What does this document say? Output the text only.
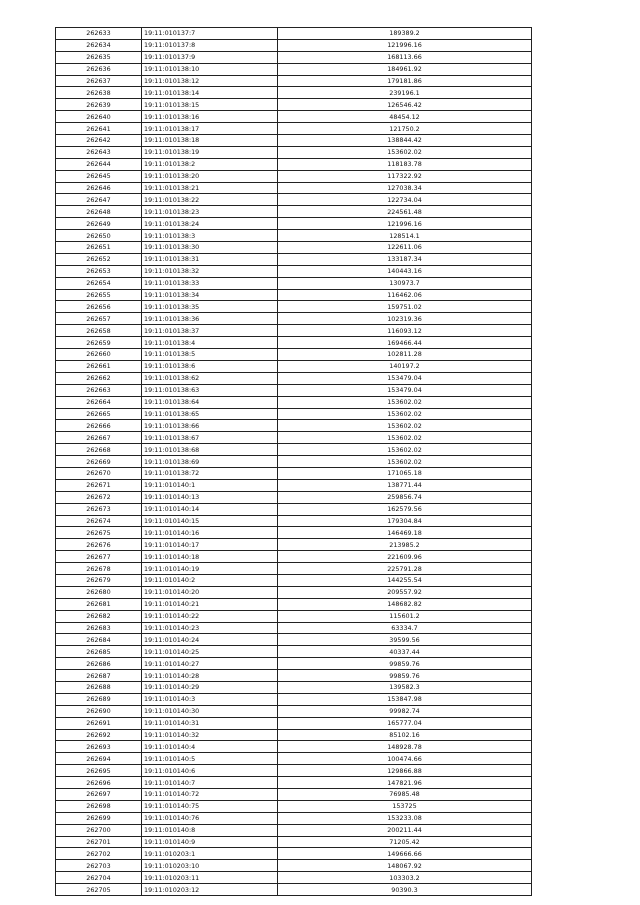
262633	19:11:010137:7	189389.2
262634	19:11:010137:8	121996.16
262635	19:11:010137:9	168113.66
262636	19:11:010138:10	184961.92
262637	19:11:010138:12	179181.86
262638	19:11:010138:14	239196.1
262639	19:11:010138:15	126546.42
262640	19:11:010138:16	48454.12
262641	19:11:010138:17	121750.2
262642	19:11:010138:18	138844.42
262643	19:11:010138:19	153602.02
262644	19:11:010138:2	118183.78
262645	19:11:010138:20	117322.92
262646	19:11:010138:21	127038.34
262647	19:11:010138:22	122734.04
262648	19:11:010138:23	224561.48
262649	19:11:010138:24	121996.16
262650	19:11:010138:3	128514.1
262651	19:11:010138:30	122611.06
262652	19:11:010138:31	133187.34
262653	19:11:010138:32	140443.16
262654	19:11:010138:33	130973.7
262655	19:11:010138:34	116462.06
262656	19:11:010138:35	159751.02
262657	19:11:010138:36	102319.36
262658	19:11:010138:37	116093.12
262659	19:11:010138:4	169466.44
262660	19:11:010138:5	102811.28
262661	19:11:010138:6	140197.2
262662	19:11:010138:62	153479.04
262663	19:11:010138:63	153479.04
262664	19:11:010138:64	153602.02
262665	19:11:010138:65	153602.02
262666	19:11:010138:66	153602.02
262667	19:11:010138:67	153602.02
262668	19:11:010138:68	153602.02
262669	19:11:010138:69	153602.02
262670	19:11:010138:72	171065.18
262671	19:11:010140:1	138771.44
262672	19:11:010140:13	259856.74
262673	19:11:010140:14	162579.56
262674	19:11:010140:15	179304.84
262675	19:11:010140:16	146469.18
262676	19:11:010140:17	213985.2
262677	19:11:010140:18	221609.96
262678	19:11:010140:19	225791.28
262679	19:11:010140:2	144255.54
262680	19:11:010140:20	209557.92
262681	19:11:010140:21	148682.82
262682	19:11:010140:22	115601.2
262683	19:11:010140:23	63334.7
262684	19:11:010140:24	39599.56
262685	19:11:010140:25	40337.44
262686	19:11:010140:27	99859.76
262687	19:11:010140:28	99859.76
262688	19:11:010140:29	139582.3
262689	19:11:010140:3	153847.98
262690	19:11:010140:30	99982.74
262691	19:11:010140:31	165777.04
262692	19:11:010140:32	85102.16
262693	19:11:010140:4	148928.78
262694	19:11:010140:5	100474.66
262695	19:11:010140:6	129866.88
262696	19:11:010140:7	147821.96
262697	19:11:010140:72	76985.48
262698	19:11:010140:75	153725
262699	19:11:010140:76	153233.08
262700	19:11:010140:8	200211.44
262701	19:11:010140:9	71205.42
262702	19:11:010203:1	149666.66
262703	19:11:010203:10	148067.92
262704	19:11:010203:11	103303.2
262705	19:11:010203:12	90390.3
